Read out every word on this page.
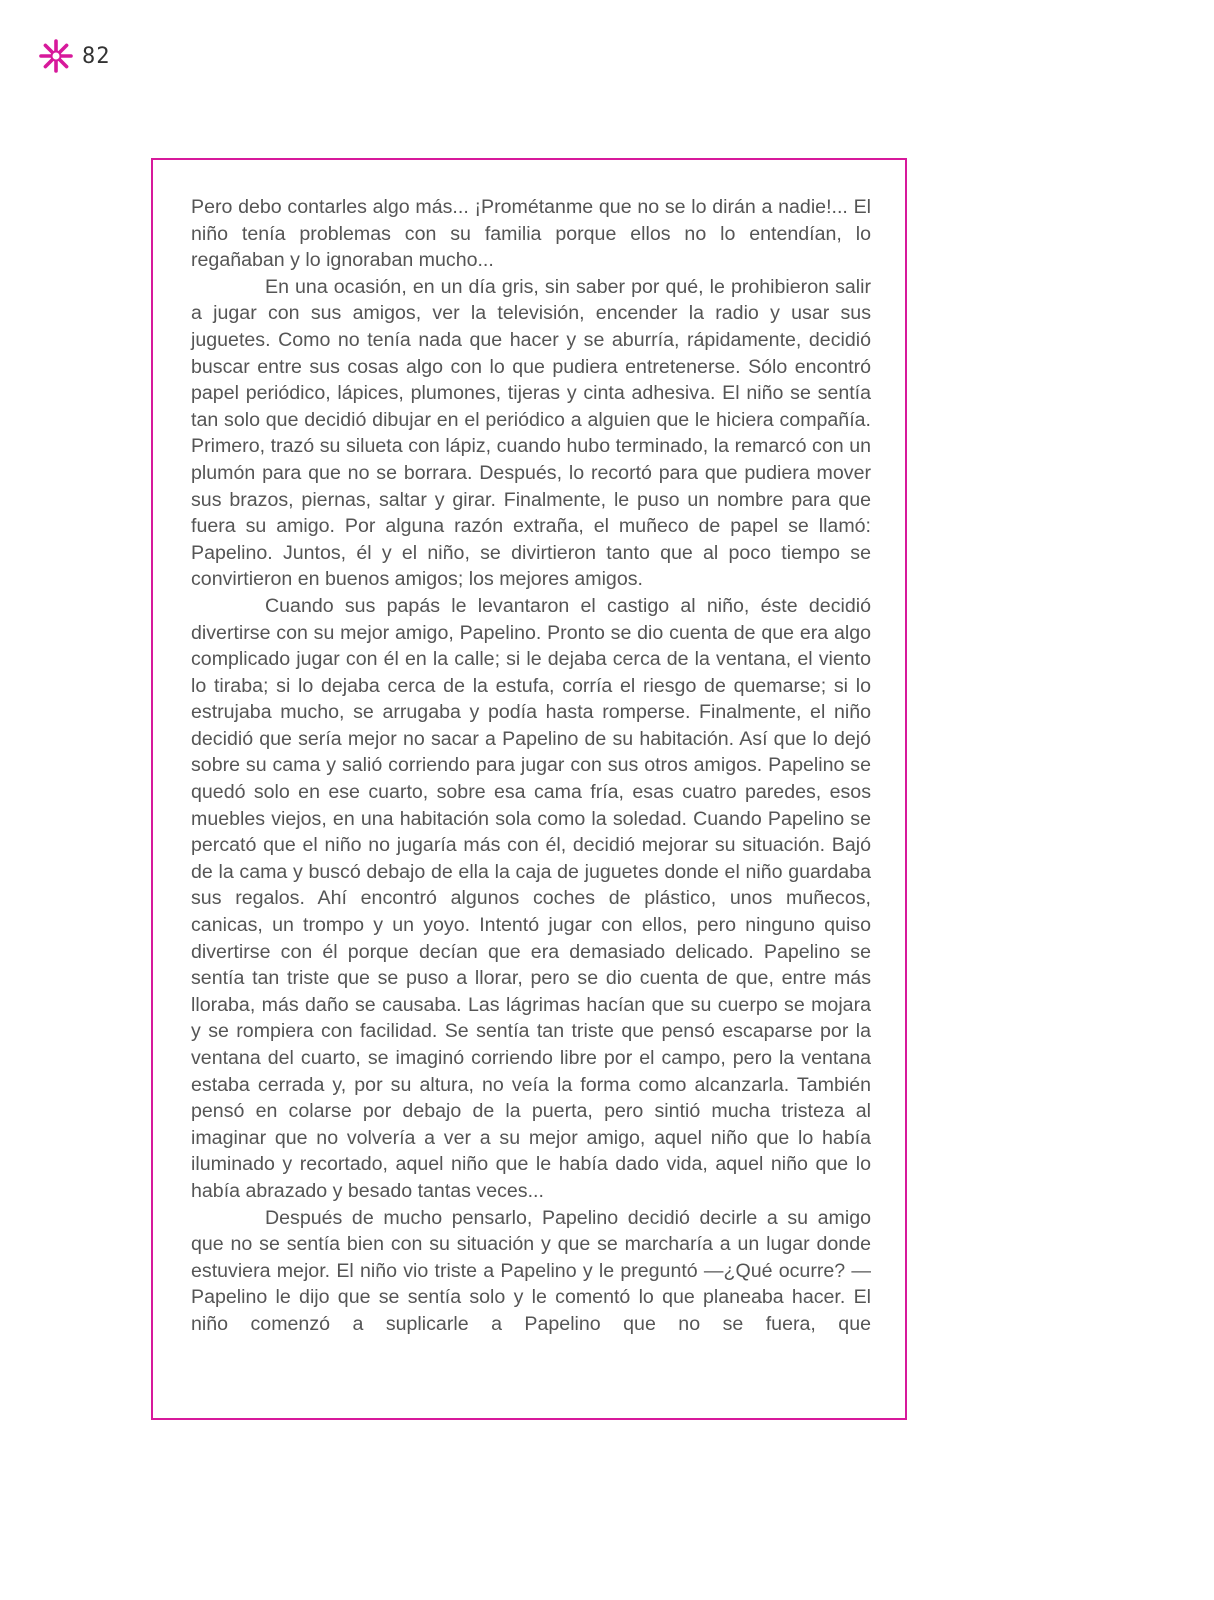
82

Pero debo contarles algo más... ¡Prométanme que no se lo dirán a nadie!... El niño tenía problemas con su familia porque ellos no lo entendían, lo regañaban y lo ignoraban mucho...

En una ocasión, en un día gris, sin saber por qué, le prohibieron salir a jugar con sus amigos, ver la televisión, encender la radio y usar sus juguetes. Como no tenía nada que hacer y se aburría, rápidamente, decidió buscar entre sus cosas algo con lo que pudiera entretenerse. Sólo encontró papel periódico, lápices, plumones, tijeras y cinta adhesiva. El niño se sentía tan solo que decidió dibujar en el periódico a alguien que le hiciera compañía. Primero, trazó su silueta con lápiz, cuando hubo terminado, la remarcó con un plumón para que no se borrara. Después, lo recortó para que pudiera mover sus brazos, piernas, saltar y girar. Finalmente, le puso un nombre para que fuera su amigo. Por alguna razón extraña, el muñeco de papel se llamó: Papelino. Juntos, él y el niño, se divirtieron tanto que al poco tiempo se convirtieron en buenos amigos; los mejores amigos.

Cuando sus papás le levantaron el castigo al niño, éste decidió divertirse con su mejor amigo, Papelino. Pronto se dio cuenta de que era algo complicado jugar con él en la calle; si le dejaba cerca de la ventana, el viento lo tiraba; si lo dejaba cerca de la estufa, corría el riesgo de quemarse; si lo estrujaba mucho, se arrugaba y podía hasta romperse. Finalmente, el niño decidió que sería mejor no sacar a Papelino de su habitación. Así que lo dejó sobre su cama y salió corriendo para jugar con sus otros amigos. Papelino se quedó solo en ese cuarto, sobre esa cama fría, esas cuatro paredes, esos muebles viejos, en una habitación sola como la soledad. Cuando Papelino se percató que el niño no jugaría más con él, decidió mejorar su situación. Bajó de la cama y buscó debajo de ella la caja de juguetes donde el niño guardaba sus regalos. Ahí encontró algunos coches de plástico, unos muñecos, canicas, un trompo y un yoyo. Intentó jugar con ellos, pero ninguno quiso divertirse con él porque decían que era demasiado delicado. Papelino se sentía tan triste que se puso a llorar, pero se dio cuenta de que, entre más lloraba, más daño se causaba. Las lágrimas hacían que su cuerpo se mojara y se rompiera con facilidad. Se sentía tan triste que pensó escaparse por la ventana del cuarto, se imaginó corriendo libre por el campo, pero la ventana estaba cerrada y, por su altura, no veía la forma como alcanzarla. También pensó en colarse por debajo de la puerta, pero sintió mucha tristeza al imaginar que no volvería a ver a su mejor amigo, aquel niño que lo había iluminado y recortado, aquel niño que le había dado vida, aquel niño que lo había abrazado y besado tantas veces...

Después de mucho pensarlo, Papelino decidió decirle a su amigo que no se sentía bien con su situación y que se marcharía a un lugar donde estuviera mejor. El niño vio triste a Papelino y le preguntó —¿Qué ocurre? —Papelino le dijo que se sentía solo y le comentó lo que planeaba hacer. El niño comenzó a suplicarle a Papelino que no se fuera, que
